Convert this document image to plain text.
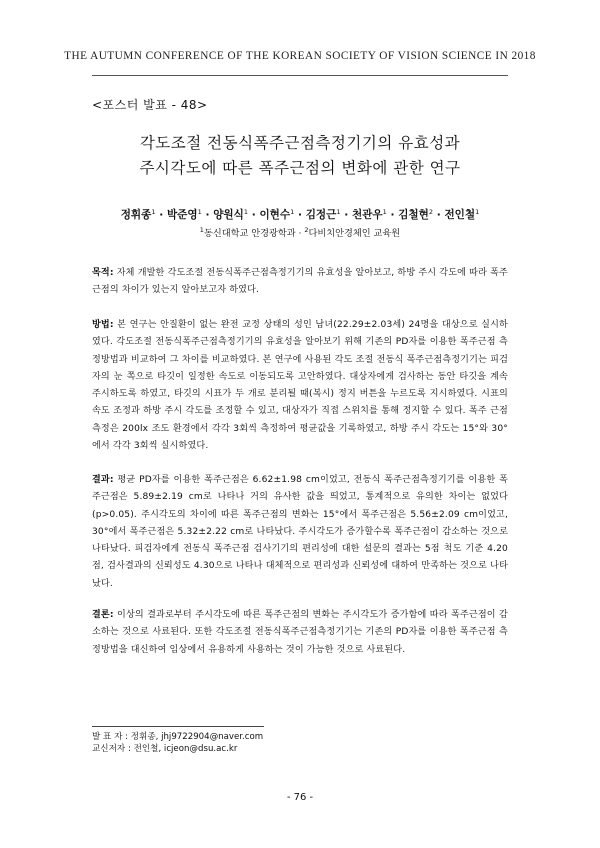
THE AUTUMN CONFERENCE OF THE KOREAN SOCIETY OF VISION SCIENCE IN 2018
<포스터 발표 - 48>
각도조절 전동식폭주근점측정기기의 유효성과
주시각도에 따른 폭주근점의 변화에 관한 연구
정휘종$^1$ · 박준영$^1$ · 양원식$^1$ · 이현수$^1$ · 김정근$^1$ · 천관우$^1$ · 김철현$^2$ · 전인철$^1$
$^1$동신대학교 안경광학과 · $^2$다비치안경체인 교육원

목적: 자체 개발한 각도조절 전동식폭주근점측정기기의 유효성을 알아보고, 하방 주시 각도에 따라 폭주근점의 차이가 있는지 알아보고자 하였다.

방법: 본 연구는 안질환이 없는 완전 교정 상태의 성인 남녀(22.29±2.03세) 24명을 대상으로 실시하였다. 각도조절 전동식폭주근점측정기기의 유효성을 알아보기 위해 기존의 PD자를 이용한 폭주근점 측정방법과 비교하여 그 차이를 비교하였다. 본 연구에 사용된 각도 조절 전동식 폭주근점측정기기는 피검자의 눈 쪽으로 타깃이 일정한 속도로 이동되도록 고안하였다. 대상자에게 검사하는 동안 타깃을 계속 주시하도록 하였고, 타깃의 시표가 두 개로 분리될 때(복시) 정지 버튼을 누르도록 지시하였다. 시표의 속도 조정과 하방 주시 각도를 조정할 수 있고, 대상자가 직접 스위치를 통해 정지할 수 있다. 폭주 근점 측정은 200lx 조도 환경에서 각각 3회씩 측정하여 평균값을 기록하였고, 하방 주시 각도는 15°와 30°에서 각각 3회씩 실시하였다.

결과: 평균 PD자를 이용한 폭주근점은 6.62±1.98 cm이었고, 전동식 폭주근점측정기기를 이용한 폭주근점은 5.89±2.19 cm로 나타나 거의 유사한 값을 띄었고, 통계적으로 유의한 차이는 없었다(p>0.05). 주시각도의 차이에 따른 폭주근점의 변화는 15°에서 폭주근점은 5.56±2.09 cm이었고, 30°에서 폭주근점은 5.32±2.22 cm로 나타났다. 주시각도가 증가할수록 폭주근점이 감소하는 것으로 나타났다. 피검자에게 전동식 폭주근점 검사기기의 편리성에 대한 설문의 결과는 5점 척도 기준 4.20점, 검사결과의 신뢰성도 4.30으로 나타나 대체적으로 편리성과 신뢰성에 대하여 만족하는 것으로 나타났다.

결론: 이상의 결과로부터 주시각도에 따른 폭주근점의 변화는 주시각도가 증가함에 따라 폭주근점이 감소하는 것으로 사료된다. 또한 각도조절 전동식폭주근점측정기기는 기존의 PD자를 이용한 폭주근점 측정방법을 대신하여 임상에서 유용하게 사용하는 것이 가능한 것으로 사료된다.

발 표 자 : 정휘종, jhj9722904@naver.com
교신저자 : 전인철, icjeon@dsu.ac.kr
- 76 -
